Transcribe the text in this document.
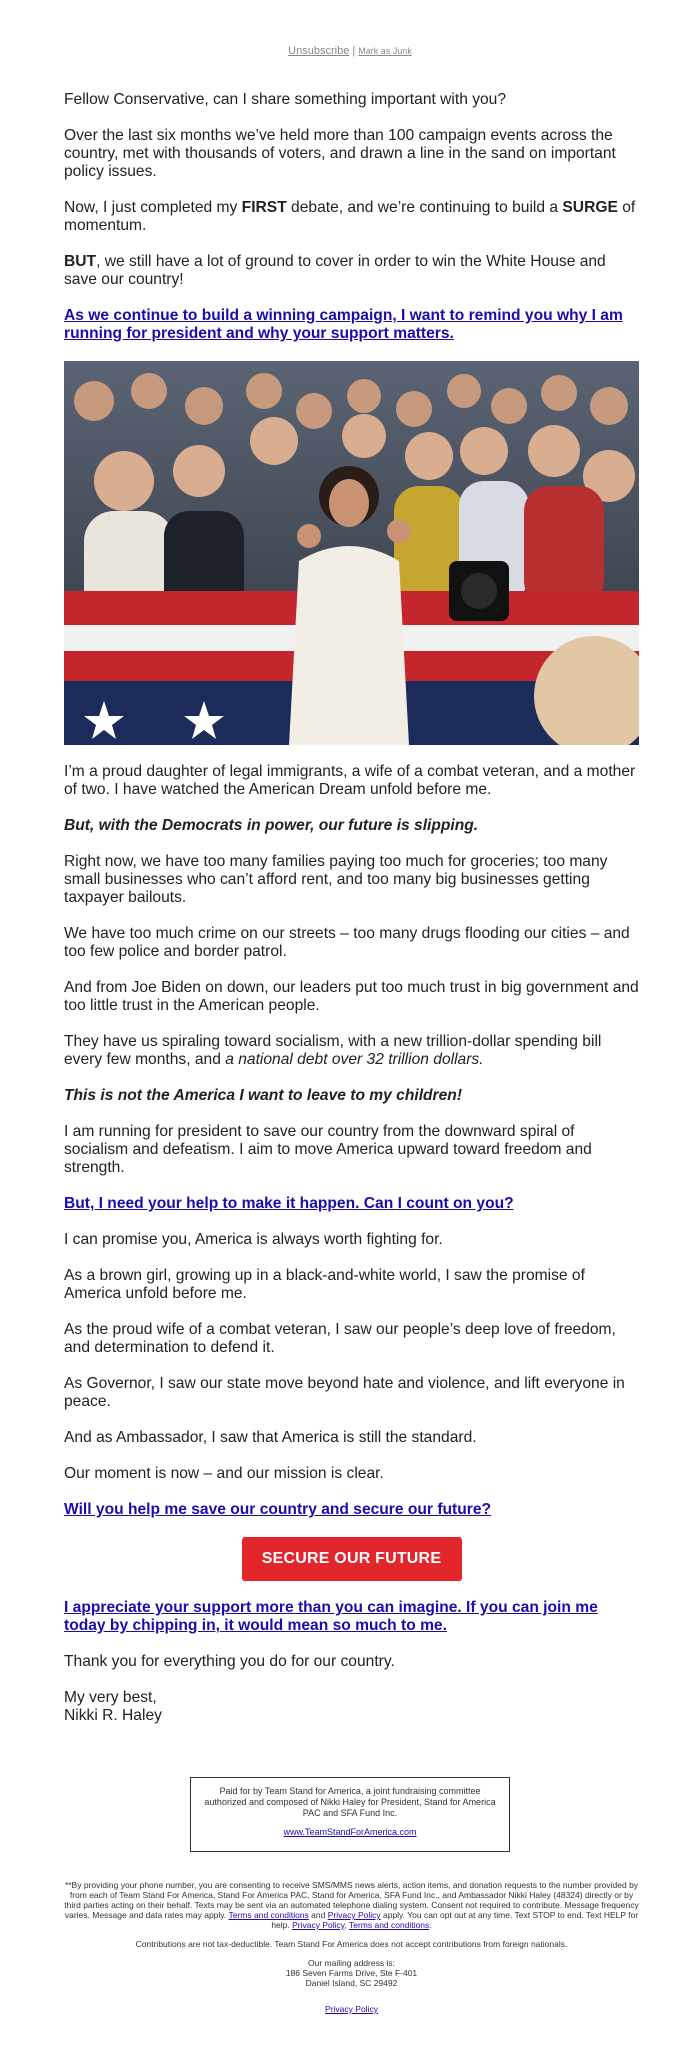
Unsubscribe | Mark as Junk

Fellow Conservative, can I share something important with you?

Over the last six months we’ve held more than 100 campaign events across the country, met with thousands of voters, and drawn a line in the sand on important policy issues.

Now, I just completed my FIRST debate, and we’re continuing to build a SURGE of momentum.

BUT, we still have a lot of ground to cover in order to win the White House and save our country!

As we continue to build a winning campaign, I want to remind you why I am running for president and why your support matters.

I’m a proud daughter of legal immigrants, a wife of a combat veteran, and a mother of two. I have watched the American Dream unfold before me.

But, with the Democrats in power, our future is slipping.

Right now, we have too many families paying too much for groceries; too many small businesses who can’t afford rent, and too many big businesses getting taxpayer bailouts.

We have too much crime on our streets – too many drugs flooding our cities – and too few police and border patrol.

And from Joe Biden on down, our leaders put too much trust in big government and too little trust in the American people.

They have us spiraling toward socialism, with a new trillion-dollar spending bill every few months, and a national debt over 32 trillion dollars.

This is not the America I want to leave to my children!

I am running for president to save our country from the downward spiral of socialism and defeatism. I aim to move America upward toward freedom and strength.

But, I need your help to make it happen. Can I count on you?

I can promise you, America is always worth fighting for.

As a brown girl, growing up in a black-and-white world, I saw the promise of America unfold before me.

As the proud wife of a combat veteran, I saw our people’s deep love of freedom, and determination to defend it.

As Governor, I saw our state move beyond hate and violence, and lift everyone in peace.

And as Ambassador, I saw that America is still the standard.

Our moment is now – and our mission is clear.

Will you help me save our country and secure our future?

SECURE OUR FUTURE

I appreciate your support more than you can imagine. If you can join me today by chipping in, it would mean so much to me.

Thank you for everything you do for our country.

My very best,
Nikki R. Haley

Paid for by Team Stand for America, a joint fundraising committee authorized and composed of Nikki Haley for President, Stand for America PAC and SFA Fund Inc.
www.TeamStandForAmerica.com
**By providing your phone number, you are consenting to receive SMS/MMS news alerts, action items, and donation requests to the number provided by from each of Team Stand For America, Stand For America PAC, Stand for America, SFA Fund Inc., and Ambassador Nikki Haley (48324) directly or by third parties acting on their behalf. Texts may be sent via an automated telephone dialing system. Consent not required to contribute. Message frequency varies. Message and data rates may apply. Terms and conditions and Privacy Policy apply. You can opt out at any time. Text STOP to end. Text HELP for help. Privacy Policy, Terms and conditions.
Contributions are not tax-deductible. Team Stand For America does not accept contributions from foreign nationals.
Our mailing address is:
186 Seven Farms Drive, Ste F-401
Daniel Island, SC 29492
Privacy Policy
